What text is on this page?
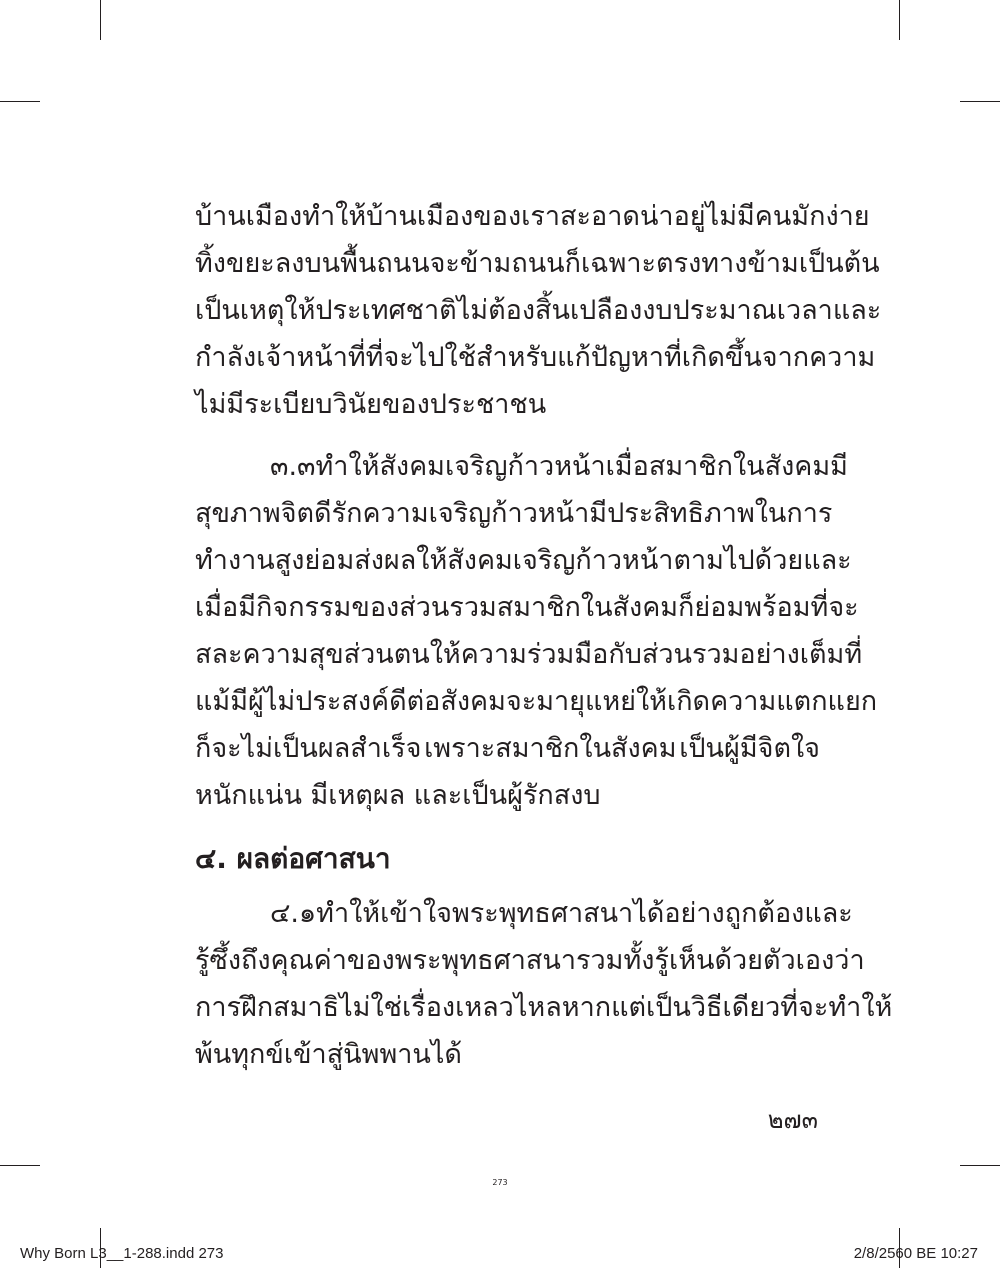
บ้านเมือง ทำให้บ้านเมืองของเราสะอาดน่าอยู่ ไม่มีคนมักง่าย
ทิ้งขยะลงบนพื้นถนน จะข้ามถนนก็เฉพาะตรงทางข้าม เป็นต้น
เป็นเหตุให้ประเทศชาติไม่ต้องสิ้นเปลืองงบประมาณ เวลา และ
กำลังเจ้าหน้าที่ ที่จะไปใช้สำหรับแก้ปัญหาที่เกิดขึ้นจากความ
ไม่มีระเบียบวินัยของประชาชน
๓.๓ ทำให้สังคมเจริญก้าวหน้า เมื่อสมาชิกในสังคมมี
สุขภาพจิตดี รักความเจริญก้าวหน้า มีประสิทธิภาพในการ
ทำงานสูง ย่อมส่งผลให้สังคมเจริญก้าวหน้าตามไปด้วย และ
เมื่อมีกิจกรรมของส่วนรวม สมาชิกในสังคมก็ย่อมพร้อมที่จะ
สละความสุขส่วนตน ให้ความร่วมมือกับส่วนรวมอย่างเต็มที่
แม้มีผู้ไม่ประสงค์ดีต่อสังคม จะมายุแหย่ให้เกิดความแตกแยก
ก็จะไม่เป็นผลสำเร็จ เพราะสมาชิกในสังคม เป็นผู้มีจิตใจ
หนักแน่น มีเหตุผล และเป็นผู้รักสงบ
๔. ผลต่อศาสนา
๔.๑ ทำให้เข้าใจพระพุทธศาสนาได้อย่างถูกต้อง และ
รู้ซึ้งถึงคุณค่าของพระพุทธศาสนา รวมทั้งรู้เห็นด้วยตัวเองว่า
การฝึกสมาธิไม่ใช่เรื่องเหลวไหล หากแต่เป็นวิธีเดียวที่จะทำให้
พ้นทุกข์เข้าสู่นิพพานได้
๒๗๓
273
Why Born L3__1-288.indd 273	2/8/2560 BE 10:27
